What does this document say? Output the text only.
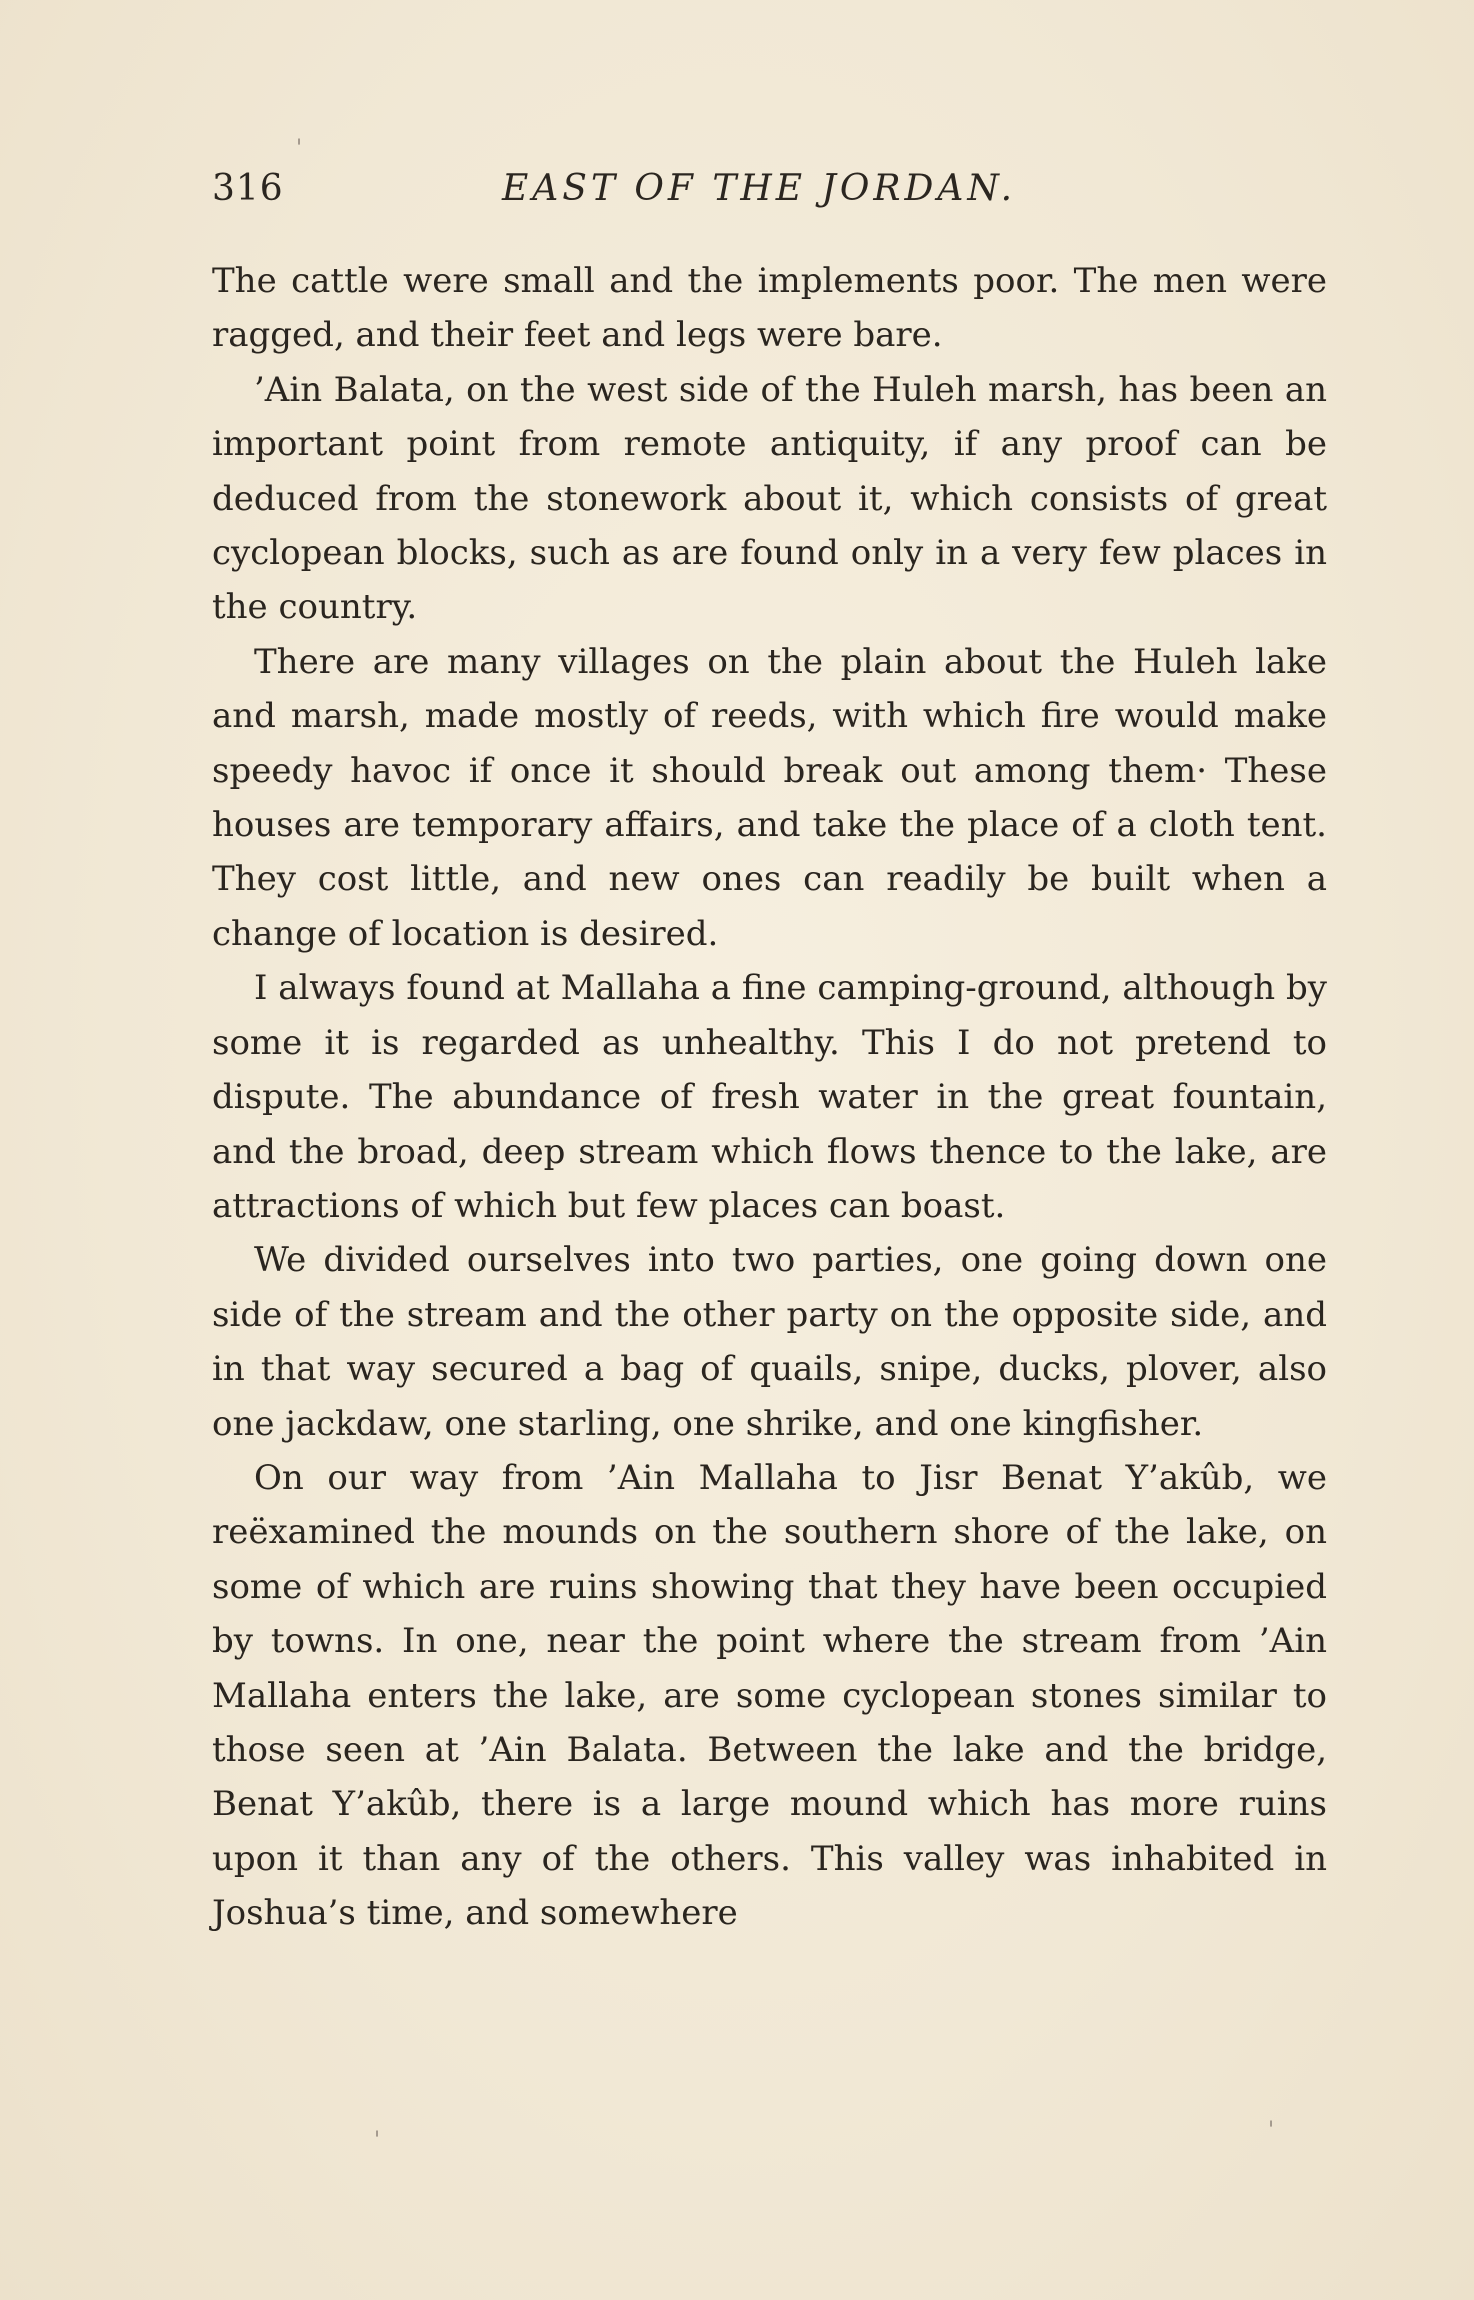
'
'	'
316	EAST OF THE JORDAN.

The cattle were small and the implements poor. The men were ragged, and their feet and legs were bare.

’Ain Balata, on the west side of the Huleh marsh, has been an important point from remote antiquity, if any proof can be deduced from the stonework about it, which consists of great cyclopean blocks, such as are found only in a very few places in the country.

There are many villages on the plain about the Huleh lake and marsh, made mostly of reeds, with which fire would make speedy havoc if once it should break out among them· These houses are temporary affairs, and take the place of a cloth tent. They cost little, and new ones can readily be built when a change of location is desired.

I always found at Mallaha a fine camping-ground, although by some it is regarded as unhealthy. This I do not pretend to dispute. The abundance of fresh water in the great fountain, and the broad, deep stream which flows thence to the lake, are attractions of which but few places can boast.

We divided ourselves into two parties, one going down one side of the stream and the other party on the opposite side, and in that way secured a bag of quails, snipe, ducks, plover, also one jackdaw, one starling, one shrike, and one kingfisher.

On our way from ’Ain Mallaha to Jisr Benat Y’akûb, we reëxamined the mounds on the southern shore of the lake, on some of which are ruins showing that they have been occupied by towns. In one, near the point where the stream from ’Ain Mallaha enters the lake, are some cyclopean stones similar to those seen at ’Ain Balata. Between the lake and the bridge, Benat Y’akûb, there is a large mound which has more ruins upon it than any of the others. This valley was inhabited in Joshua’s time, and somewhere
